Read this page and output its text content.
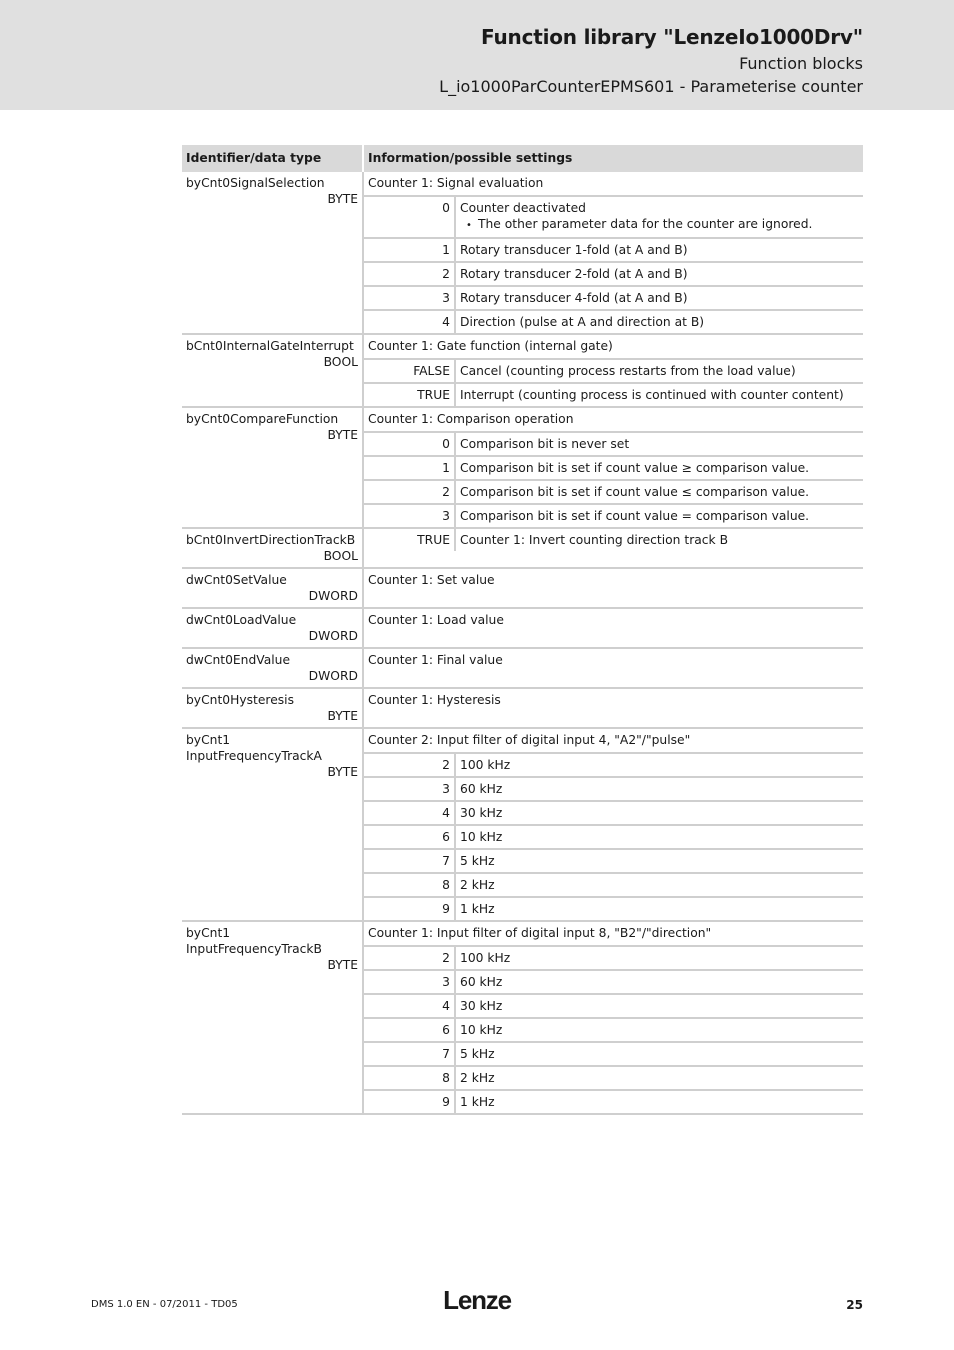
Function library "LenzeIo1000Drv"
Function blocks
L_io1000ParCounterEPMS601 - Parameterise counter
Identifier/data type	Information/possible settings

byCnt0SignalSelection
BYTE

Counter 1: Signal evaluation
0	Counter deactivated
• The other parameter data for the counter are ignored.

1	Rotary transducer 1-fold (at A and B)
2	Rotary transducer 2-fold (at A and B)
3	Rotary transducer 4-fold (at A and B)
4	Direction (pulse at A and direction at B)

bCnt0InternalGateInterrupt
BOOL

Counter 1: Gate function (internal gate)
FALSE	Cancel (counting process restarts from the load value)
TRUE	Interrupt (counting process is continued with counter content)

byCnt0CompareFunction
BYTE

Counter 1: Comparison operation
0	Comparison bit is never set
1	Comparison bit is set if count value ≥ comparison value.
2	Comparison bit is set if count value ≤ comparison value.
3	Comparison bit is set if count value = comparison value.

bCnt0InvertDirectionTrackB
BOOL

TRUE	Counter 1: Invert counting direction track B

dwCnt0SetValue
DWORD

Counter 1: Set value

dwCnt0LoadValue
DWORD

Counter 1: Load value

dwCnt0EndValue
DWORD

Counter 1: Final value

byCnt0Hysteresis
BYTE

Counter 1: Hysteresis

byCnt1
InputFrequencyTrackA
BYTE

Counter 2: Input filter of digital input 4, "A2"/"pulse"
2	100 kHz
3	60 kHz
4	30 kHz
6	10 kHz
7	5 kHz
8	2 kHz
9	1 kHz

byCnt1
InputFrequencyTrackB
BYTE

Counter 1: Input filter of digital input 8, "B2"/"direction"
2	100 kHz
3	60 kHz
4	30 kHz
6	10 kHz
7	5 kHz
8	2 kHz
9	1 kHz
DMS 1.0 EN - 07/2011 - TD05	Lenze	25
